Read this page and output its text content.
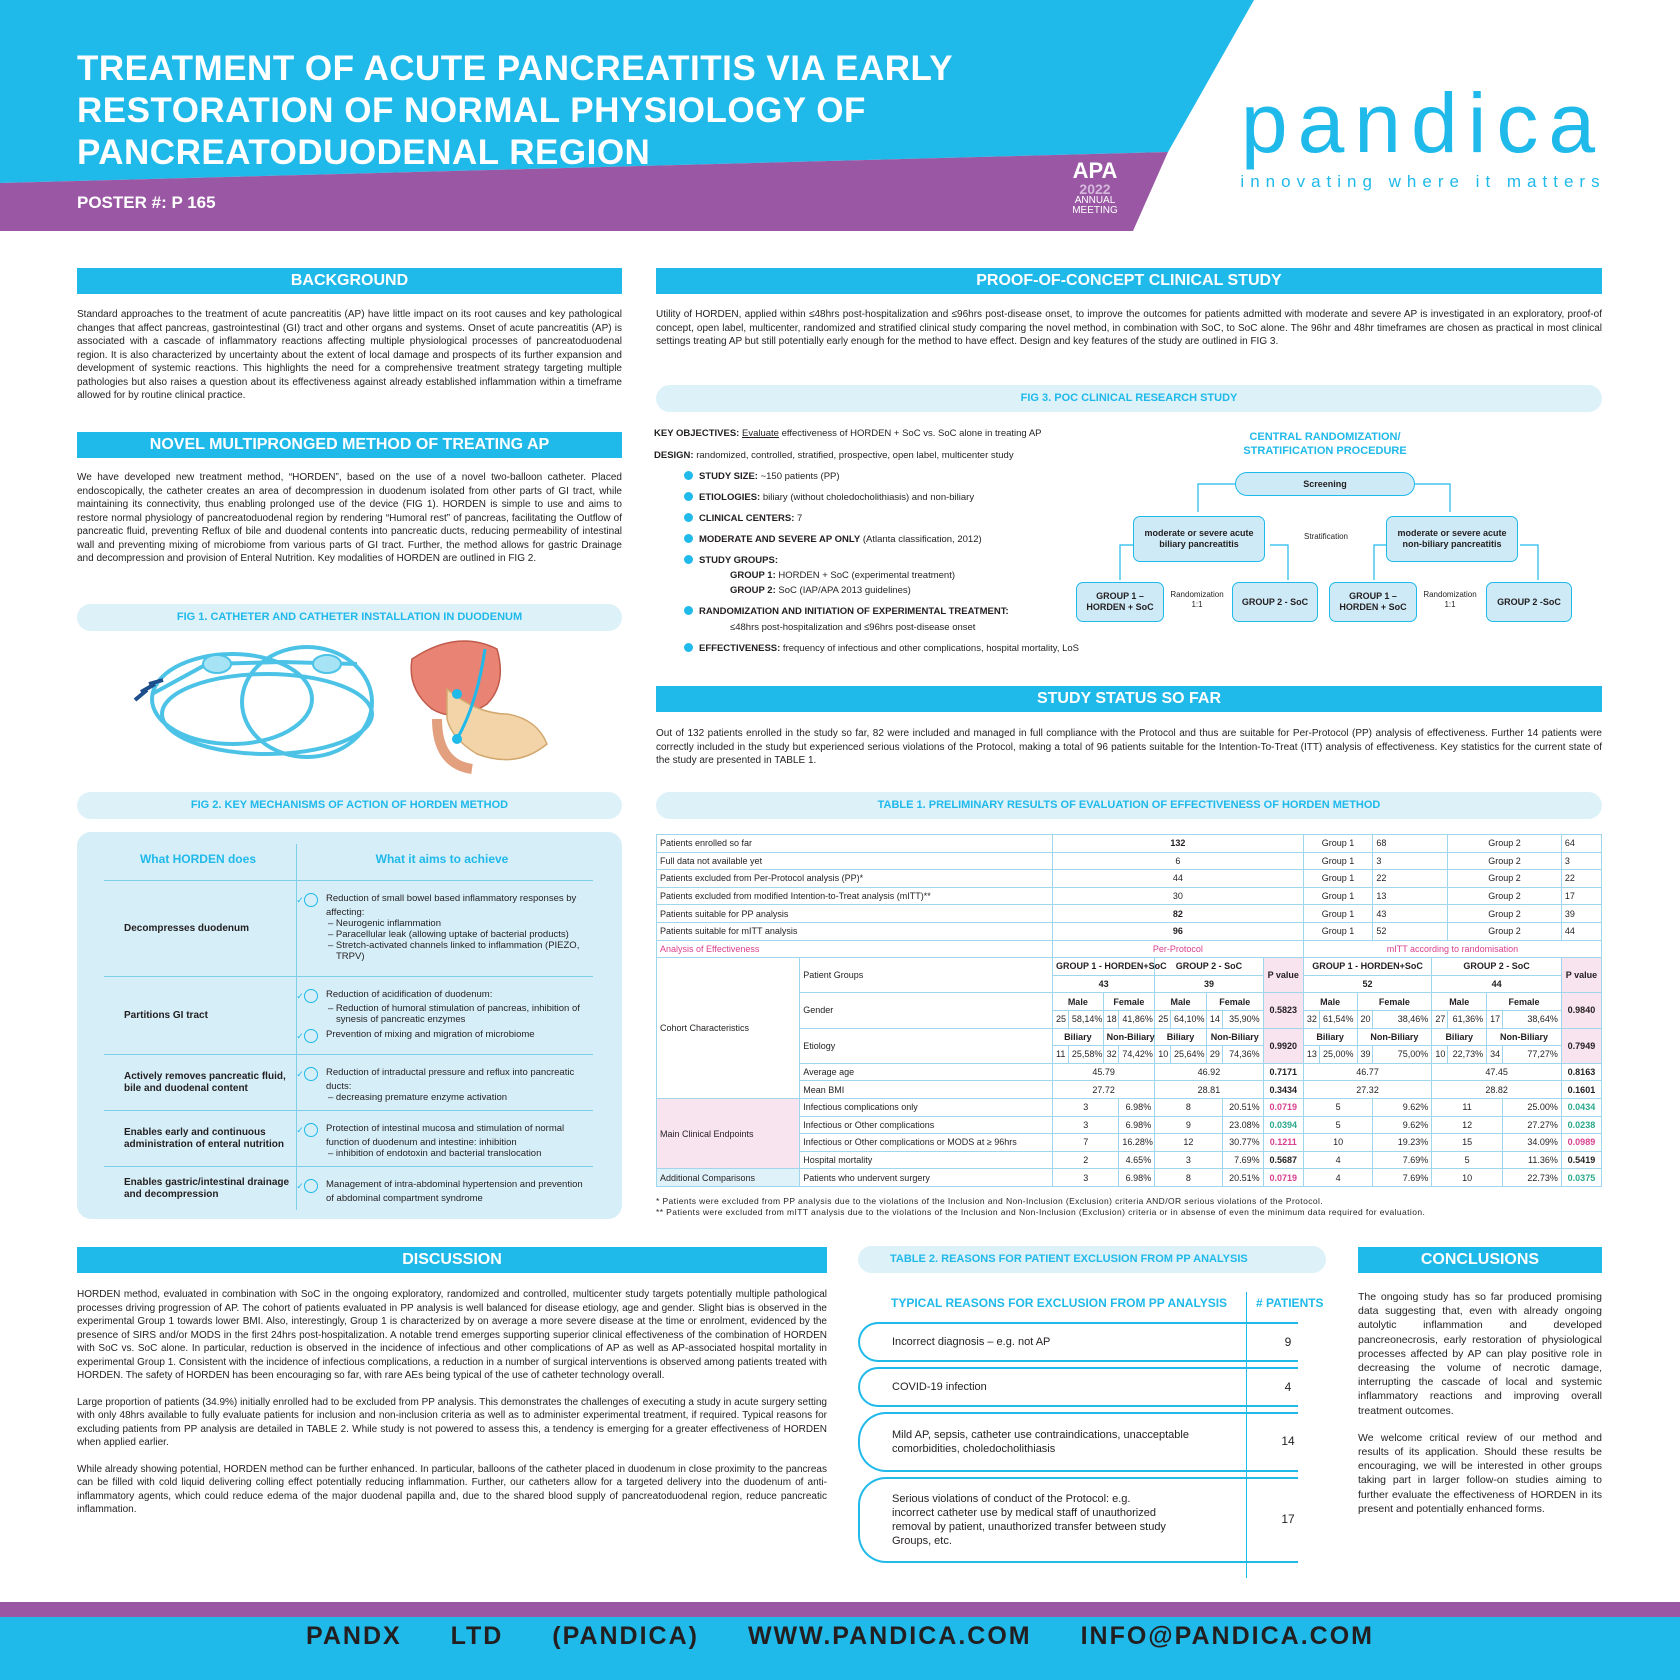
TREATMENT OF ACUTE PANCREATITIS VIA EARLY RESTORATION OF NORMAL PHYSIOLOGY OF PANCREATODUODENAL REGION
POSTER #: P 165
APA
2022
ANNUAL
MEETING
pandica
innovating where it matters
BACKGROUND
Standard approaches to the treatment of acute pancreatitis (AP) have little impact on its root causes and key pathological changes that affect pancreas, gastrointestinal (GI) tract and other organs and systems. Onset of acute pancreatitis (AP) is associated with a cascade of inflammatory reactions affecting multiple physiological processes of pancreatoduodenal region. It is also characterized by uncertainty about the extent of local damage and prospects of its further expansion and development of systemic reactions. This highlights the need for a comprehensive treatment strategy targeting multiple pathologies but also raises a question about its effectiveness against already established inflammation within a timeframe allowed for by routine clinical practice.
NOVEL MULTIPRONGED METHOD OF TREATING AP
We have developed new treatment method, “HORDEN”, based on the use of a novel two-balloon catheter. Placed endoscopically, the catheter creates an area of decompression in duodenum isolated from other parts of GI tract, while maintaining its connectivity, thus enabling prolonged use of the device (FIG 1). HORDEN is simple to use and aims to restore normal physiology of pancreatoduodenal region by rendering “Humoral rest” of pancreas, facilitating the Outflow of pancreatic fluid, preventing Reflux of bile and duodenal contents into pancreatic ducts, reducing permeability of intestinal wall and preventing mixing of microbiome from various parts of GI tract. Further, the method allows for gastric Drainage and decompression and provision of Enteral Nutrition. Key modalities of HORDEN are outlined in FIG 2.
FIG 1. CATHETER AND CATHETER INSTALLATION IN DUODENUM
FIG 2. KEY MECHANISMS OF ACTION OF HORDEN METHOD
What HORDEN does	What it aims to achieve
Decompresses duodenum
✓ Reduction of small bowel based inflammatory responses by affecting:
– Neurogenic inflammation
– Paracellular leak (allowing uptake of bacterial products)
– Stretch-activated channels linked to inflammation (PIEZO, TRPV)
Partitions GI tract
✓ Reduction of acidification of duodenum:
– Reduction of humoral stimulation of pancreas, inhibition of synesis of pancreatic enzymes
✓ Prevention of mixing and migration of microbiome
Actively removes pancreatic fluid, bile and duodenal content
✓ Reduction of intraductal pressure and reflux into pancreatic ducts:
– decreasing premature enzyme activation
Enables early and continuous administration of enteral nutrition
✓ Protection of intestinal mucosa and stimulation of normal function of duodenum and intestine: inhibition
– inhibition of endotoxin and bacterial translocation
Enables gastric/intestinal drainage and decompression
✓ Management of intra-abdominal hypertension and prevention of abdominal compartment syndrome
PROOF-OF-CONCEPT CLINICAL STUDY
Utility of HORDEN, applied within ≤48hrs post-hospitalization and ≤96hrs post-disease onset, to improve the outcomes for patients admitted with moderate and severe AP is investigated in an exploratory, proof-of concept, open label, multicenter, randomized and stratified clinical study comparing the novel method, in combination with SoC, to SoC alone. The 96hr and 48hr timeframes are chosen as practical in most clinical settings treating AP but still potentially early enough for the method to have effect. Design and key features of the study are outlined in FIG 3.
FIG 3. POC CLINICAL RESEARCH STUDY
KEY OBJECTIVES: Evaluate effectiveness of HORDEN + SoC vs. SoC alone in treating AP
DESIGN: randomized, controlled, stratified, prospective, open label, multicenter study
STUDY SIZE: ~150 patients (PP)
ETIOLOGIES: biliary (without choledocholithiasis) and non-biliary
CLINICAL CENTERS: 7
MODERATE AND SEVERE AP ONLY (Atlanta classification, 2012)
STUDY GROUPS:
GROUP 1: HORDEN + SoC (experimental treatment)
GROUP 2: SoC (IAP/APA 2013 guidelines)
RANDOMIZATION AND INITIATION OF EXPERIMENTAL TREATMENT:
≤48hrs post-hospitalization and ≤96hrs post-disease onset
EFFECTIVENESS: frequency of infectious and other complications, hospital mortality, LoS
CENTRAL RANDOMIZATION/
STRATIFICATION PROCEDURE
Screening
Stratification
moderate or severe acute biliary pancreatitis
moderate or severe acute non-biliary pancreatitis
GROUP 1 – HORDEN + SoC
Randomization 1:1	GROUP 2 - SoC
GROUP 1 – HORDEN + SoC
Randomization 1:1	GROUP 2 -SoC
STUDY STATUS SO FAR
Out of 132 patients enrolled in the study so far, 82 were included and managed in full compliance with the Protocol and thus are suitable for Per-Protocol (PP) analysis of effectiveness. Further 14 patients were correctly included in the study but experienced serious violations of the Protocol, making a total of 96 patients suitable for the Intention-To-Treat (ITT) analysis of effectiveness. Key statistics for the current state of the study are presented in TABLE 1.
TABLE 1. PRELIMINARY RESULTS OF EVALUATION OF EFFECTIVENESS OF HORDEN METHOD
Patients enrolled so far		132									Group 1			68		Group 2			64
Full data not available yet		6									Group 1			3		Group 2			3
Patients excluded from Per-Protocol analysis (PP)*		44									Group 1			22		Group 2			22
Patients excluded from modified Intention-to-Treat analysis (mITT)**		30									Group 1			13		Group 2			17
Patients suitable for PP analysis		82									Group 1			43		Group 2			39
Patients suitable for mITT analysis		96									Group 1			52		Group 2			44
Analysis of Effectiveness		Per-Protocol									mITT according to randomisation								
Cohort Characteristics	Patient Groups	GROUP 1 - HORDEN+SoC				GROUP 2 - SoC				P value	GROUP 1 - HORDEN+SoC				GROUP 2 - SoC				P value
		43				39					52				44				
	Gender	Male		Female		Male		Female		0.5823	Male		Female		Male		Female		0.9840
		25	58,14%	18	41,86%	25	64,10%	14	35,90%		32	61,54%	20	38,46%	27	61,36%	17	38,64%	
	Etiology	Biliary		Non-Biliary		Biliary		Non-Biliary		0.9920	Biliary		Non-Biliary		Biliary		Non-Biliary		0.7949
		11	25,58%	32	74,42%	10	25,64%	29	74,36%		13	25,00%	39	75,00%	10	22,73%	34	77,27%	
	Average age	45.79				46.92				0.7171	46.77				47.45				0.8163
	Mean BMI	27.72				28.81				0.3434	27.32				28.82				0.1601
Main Clinical Endpoints	Infectious complications only	3			6.98%	8			20.51%	0.0719	5			9.62%	11			25.00%	0.0434
	Infectious or Other complications	3			6.98%	9			23.08%	0.0394	5			9.62%	12			27.27%	0.0238
	Infectious or Other complications or MODS at ≥ 96hrs	7			16.28%	12			30.77%	0.1211	10			19.23%	15			34.09%	0.0989
	Hospital mortality	2			4.65%	3			7.69%	0.5687	4			7.69%	5			11.36%	0.5419
Additional Comparisons	Patients who undervent surgery	3			6.98%	8			20.51%	0.0719	4			7.69%	10			22.73%	0.0375
* Patients were excluded from PP analysis due to the violations of the Inclusion and Non-Inclusion (Exclusion) criteria AND/OR serious violations of the Protocol.
** Patients were excluded from mITT analysis due to the violations of the Inclusion and Non-Inclusion (Exclusion) criteria or in absense of even the minimum data required for evaluation.
DISCUSSION

HORDEN method, evaluated in combination with SoC in the ongoing exploratory, randomized and controlled, multicenter study targets potentially multiple pathological processes driving progression of AP. The cohort of patients evaluated in PP analysis is well balanced for disease etiology, age and gender. Slight bias is observed in the experimental Group 1 towards lower BMI. Also, interestingly, Group 1 is characterized by on average a more severe disease at the time or enrolment, evidenced by the presence of SIRS and/or MODS in the first 24hrs post-hospitalization. A notable trend emerges supporting superior clinical effectiveness of the combination of HORDEN with SoC vs. SoC alone. In particular, reduction is observed in the incidence of infectious and other complications of AP as well as AP-associated hospital mortality in experimental Group 1. Consistent with the incidence of infectious complications, a reduction in a number of surgical interventions is observed among patients treated with HORDEN. The safety of HORDEN has been encouraging so far, with rare AEs being typical of the use of catheter technology overall.

Large proportion of patients (34.9%) initially enrolled had to be excluded from PP analysis. This demonstrates the challenges of executing a study in acute surgery setting with only 48hrs available to fully evaluate patients for inclusion and non-inclusion criteria as well as to administer experimental treatment, if required. Typical reasons for excluding patients from PP analysis are detailed in TABLE 2. While study is not powered to assess this, a tendency is emerging for a greater effectiveness of HORDEN when applied earlier.

While already showing potential, HORDEN method can be further enhanced. In particular, balloons of the catheter placed in duodenum in close proximity to the pancreas can be filled with cold liquid delivering colling effect potentially reducing inflammation. Further, our catheters allow for a targeted delivery into the duodenum of anti-inflammatory agents, which could reduce edema of the major duodenal papilla and, due to the shared blood supply of pancreatoduodenal region, reduce pancreatic inflammation.

TABLE 2. REASONS FOR PATIENT EXCLUSION FROM PP ANALYSIS
TYPICAL REASONS FOR EXCLUSION FROM PP ANALYSIS # PATIENTS
Incorrect diagnosis – e.g. not AP	9
COVID-19 infection	4
Mild AP, sepsis, catheter use contraindications, unacceptable comorbidities, choledocholithiasis
14
Serious violations of conduct of the Protocol: e.g. incorrect catheter use by medical staff of unauthorized removal by patient, unauthorized transfer between study Groups, etc.
17
CONCLUSIONS

The ongoing study has so far produced promising data suggesting that, even with already ongoing autolytic inflammation and developed pancreonecrosis, early restoration of physiological processes affected by AP can play positive role in decreasing the volume of necrotic damage, interrupting the cascade of local and systemic inflammatory reactions and improving overall treatment outcomes.

We welcome critical review of our method and results of its application. Should these results be encouraging, we will be interested in other groups taking part in larger follow-on studies aiming to further evaluate the effectiveness of HORDEN in its present and potentially enhanced forms.

PANDX LTD (PANDICA) WWW.PANDICA.COM INFO@PANDICA.COM
